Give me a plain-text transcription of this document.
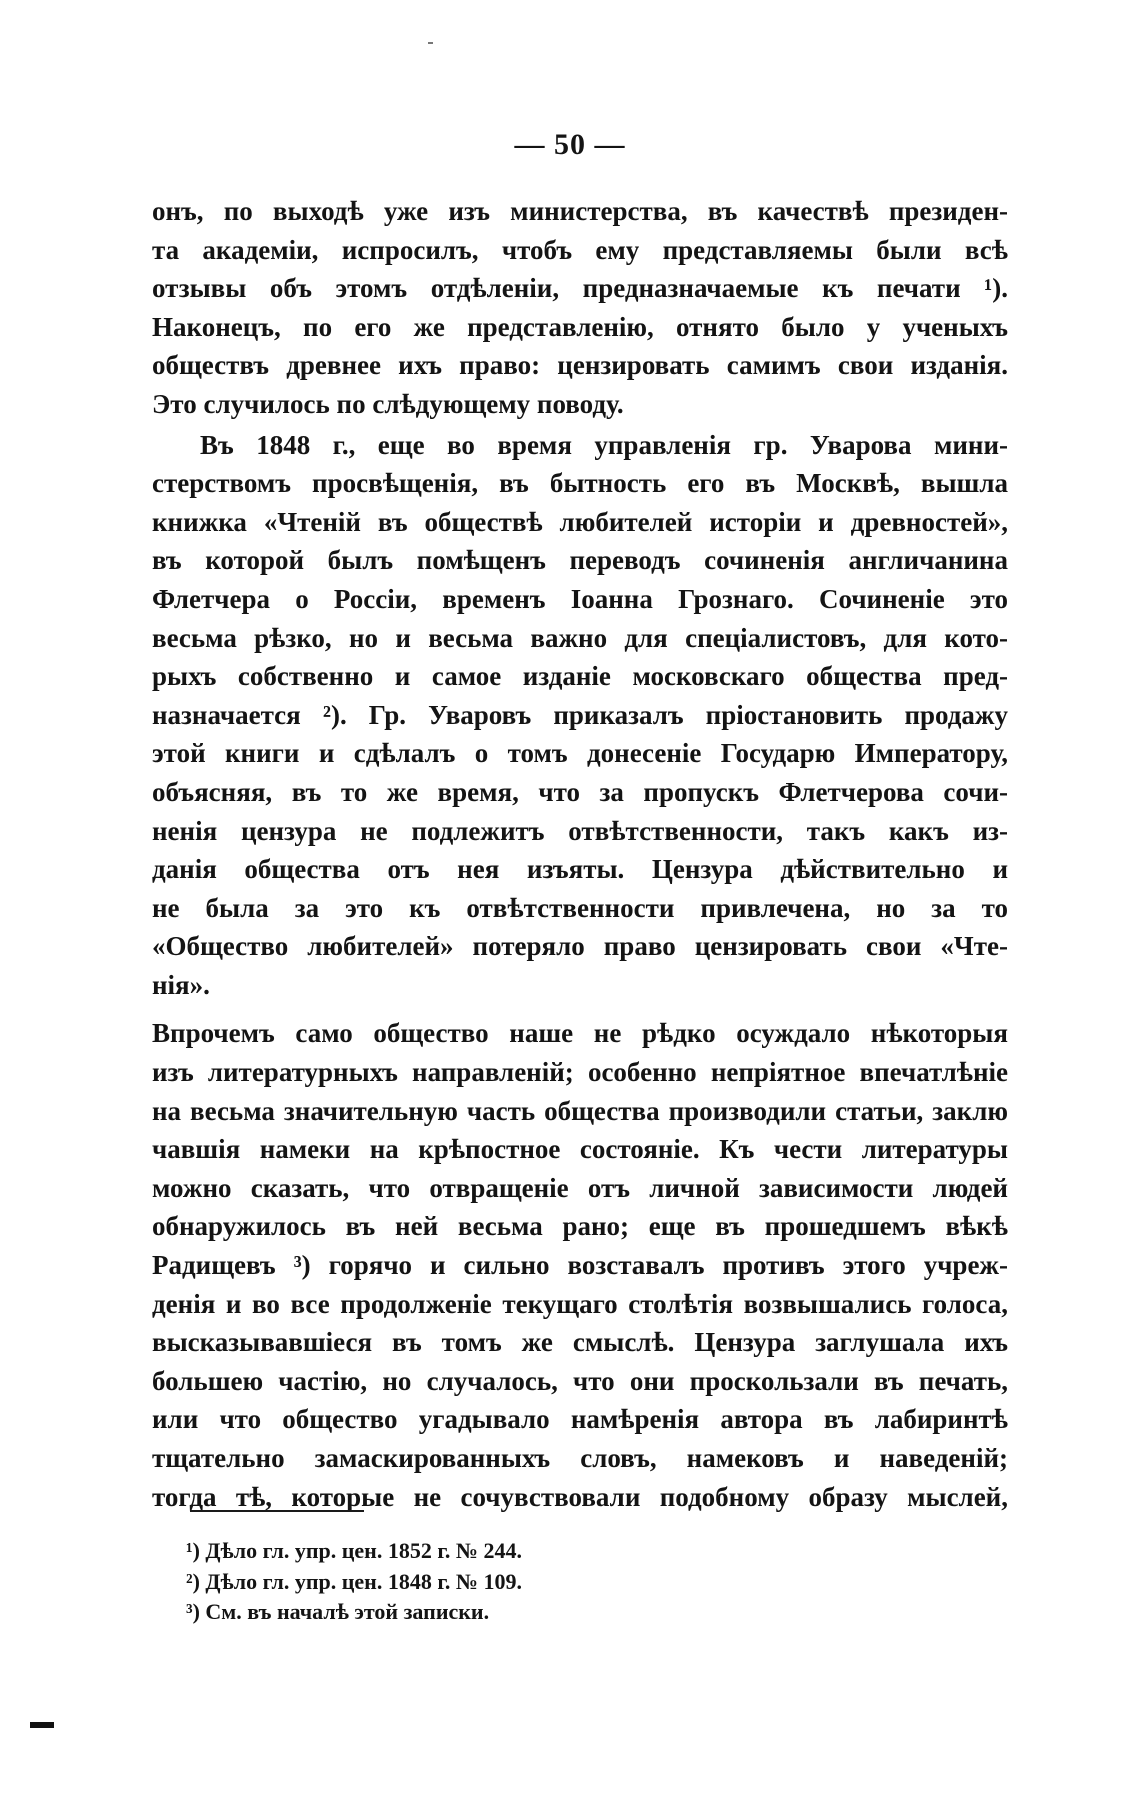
— 50 —
онъ, по выходѣ уже изъ министерства, въ качествѣ президен-
та академіи, испросилъ, чтобъ ему представляемы были всѣ
отзывы объ этомъ отдѣленіи, предназначаемые къ печати ¹).
Наконецъ, по его же представленію, отнято было у ученыхъ
обществъ древнее ихъ право: цензировать самимъ свои изданія.
Это случилось по слѣдующему поводу.
Въ 1848 г., еще во время управленія гр. Уварова мини-
стерствомъ просвѣщенія, въ бытность его въ Москвѣ, вышла
книжка «Чтеній въ обществѣ любителей исторіи и древностей»,
въ которой былъ помѣщенъ переводъ сочиненія англичанина
Флетчера о Россіи, временъ Іоанна Грознаго. Сочиненіе это
весьма рѣзко, но и весьма важно для спеціалистовъ, для кото-
рыхъ собственно и самое изданіе московскаго общества пред-
назначается ²). Гр. Уваровъ приказалъ пріостановить продажу
этой книги и сдѣлалъ о томъ донесеніе Государю Императору,
объясняя, въ то же время, что за пропускъ Флетчерова сочи-
ненія цензура не подлежитъ отвѣтственности, такъ какъ из-
данія общества отъ нея изъяты. Цензура дѣйствительно и
не была за это къ отвѣтственности привлечена, но за то
«Общество любителей» потеряло право цензировать свои «Чте-
нія».
Впрочемъ само общество наше не рѣдко осуждало нѣкоторыя
изъ литературныхъ направленій; особенно непріятное впечатлѣніе
на весьма значительную часть общества производили статьи, заклю
чавшія намеки на крѣпостное состояніе. Къ чести литературы
можно сказать, что отвращеніе отъ личной зависимости людей
обнаружилось въ ней весьма рано; еще въ прошедшемъ вѣкѣ
Радищевъ ³) горячо и сильно возставалъ противъ этого учреж-
денія и во все продолженіе текущаго столѣтія возвышались голоса,
высказывавшіеся въ томъ же смыслѣ. Цензура заглушала ихъ
большею частію, но случалось, что они проскользали въ печать,
или что общество угадывало намѣренія автора въ лабиринтѣ
тщательно замаскированныхъ словъ, намековъ и наведеній;
тогда тѣ, которые не сочувствовали подобному образу мыслей,
¹) Дѣло гл. упр. цен. 1852 г. № 244.
²) Дѣло гл. упр. цен. 1848 г. № 109.
³) См. въ началѣ этой записки.
